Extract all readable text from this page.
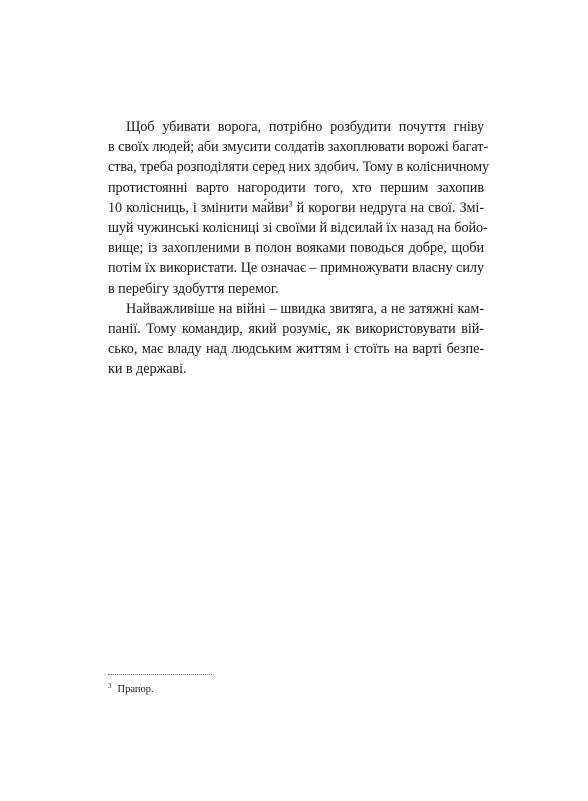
Щоб убивати ворога, потрібно розбудити почуття гніву
в своїх людей; аби змусити солдатів захоплювати ворожі багат-
ства, треба розподіляти серед них здобич. Тому в колісничному
протистоянні варто нагородити того, хто першим захопив
10 колісниць, і змінити ма́йви$^3$ й корогви недруга на свої. Змі-
шуй чужинські колісниці зі своїми й відсилай їх назад на бойо-
вище; із захопленими в полон вояками поводься добре, щоби
потім їх використати. Це означає – примножувати власну силу
в перебігу здобуття перемог.
Найважливіше на війні – швидка звитяга, а не затяжні кам-
панії. Тому командир, який розуміє, як використовувати вій-
сько, має владу над людським життям і стоїть на варті безпе-
ки в державі.
$^3$ Прапор.
